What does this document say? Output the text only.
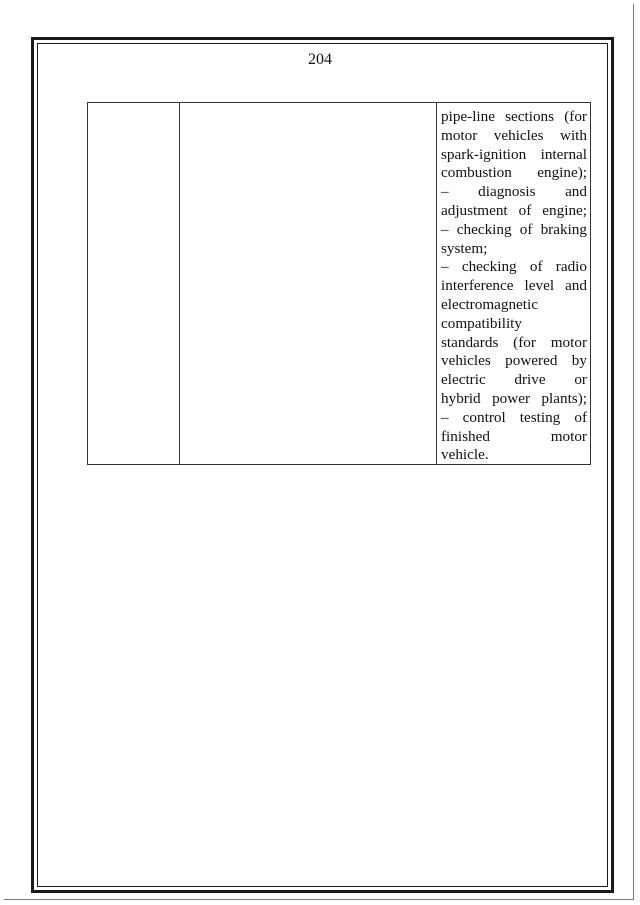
204
pipe-line sections (for
motor vehicles with
spark-ignition internal
combustion engine);
– diagnosis and
adjustment of engine;
– checking of braking
system;
– checking of radio
interference level and
electromagnetic
compatibility
standards (for motor
vehicles powered by
electric drive or
hybrid power plants);
– control testing of
finished motor
vehicle.
